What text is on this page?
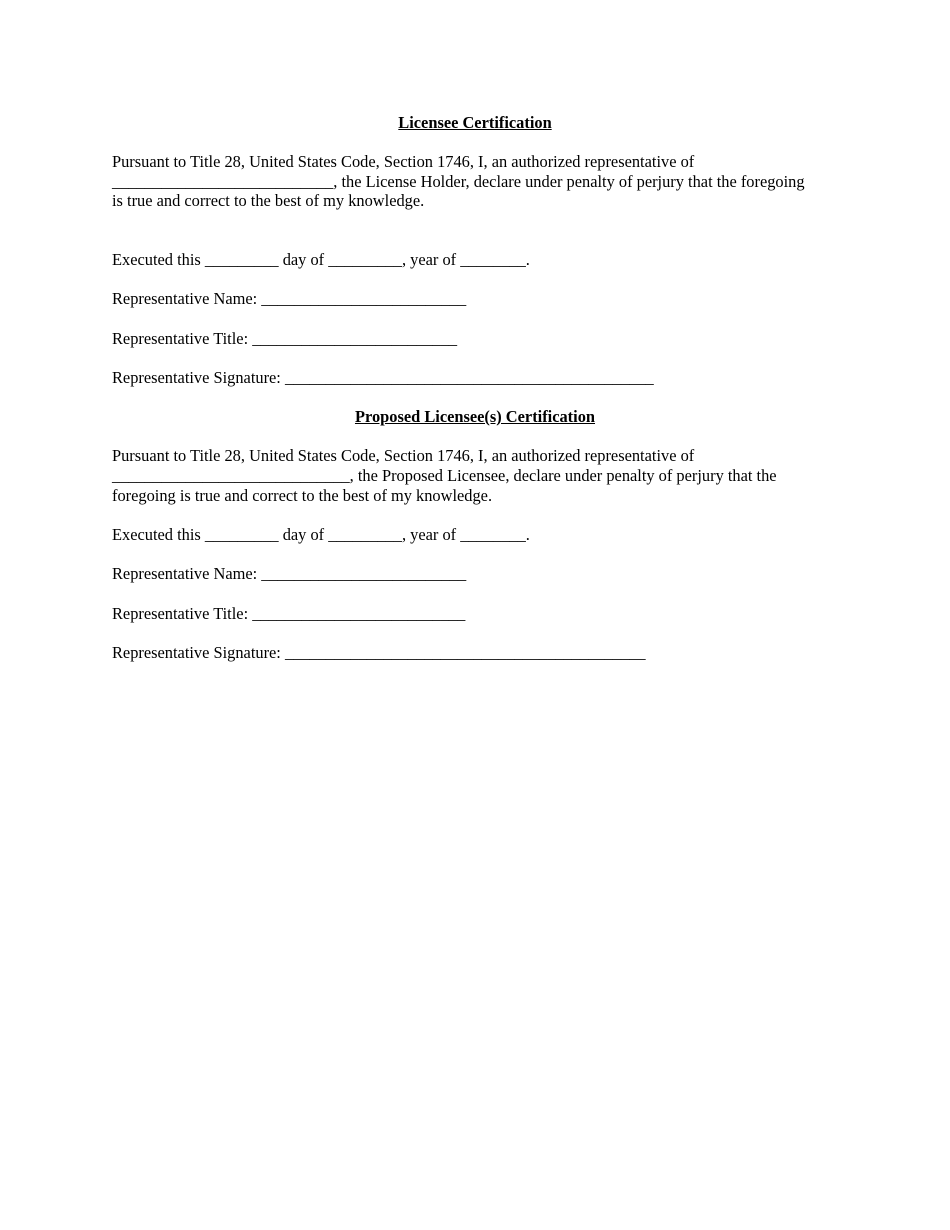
Licensee Certification
Pursuant to Title 28, United States Code, Section 1746, I, an authorized representative of
___________________________, the License Holder, declare under penalty of perjury that the foregoing
is true and correct to the best of my knowledge.
Executed this _________ day of _________, year of ________.
Representative Name: _________________________
Representative Title: _________________________
Representative Signature: _____________________________________________
Proposed Licensee(s) Certification
Pursuant to Title 28, United States Code, Section 1746, I, an authorized representative of
_____________________________, the Proposed Licensee, declare under penalty of perjury that the
foregoing is true and correct to the best of my knowledge.
Executed this _________ day of _________, year of ________.
Representative Name: _________________________
Representative Title: __________________________
Representative Signature: ____________________________________________
